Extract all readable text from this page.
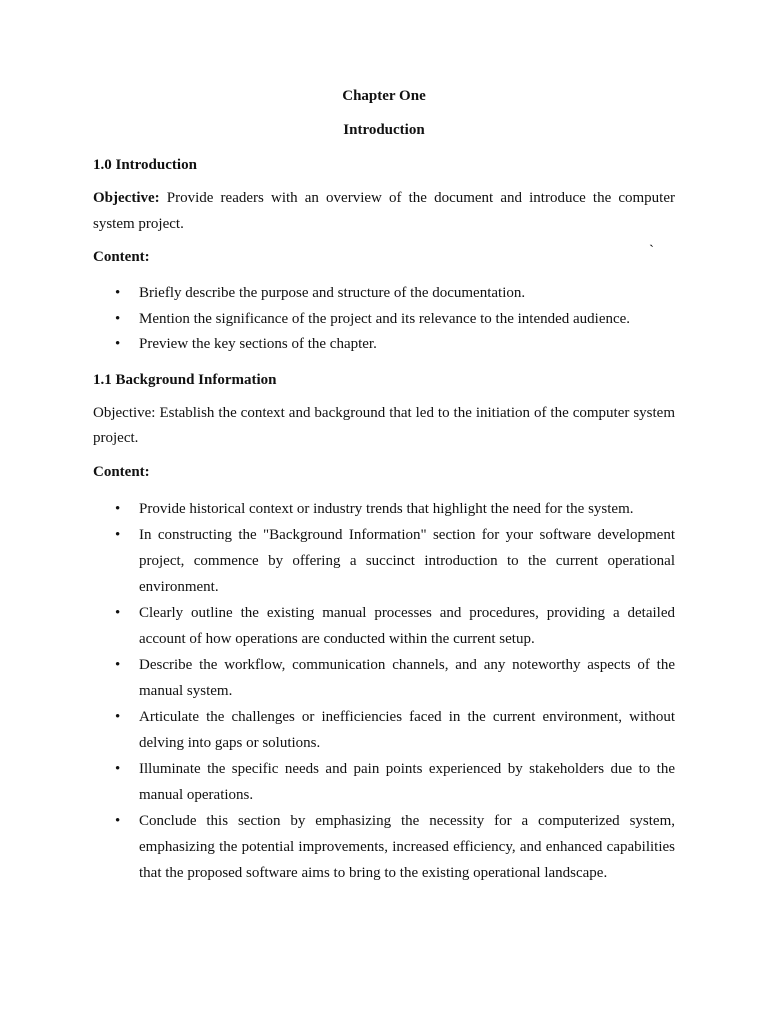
Chapter One

Introduction

1.0 Introduction

Objective: Provide readers with an overview of the document and introduce the computer system project.

Content:	`

• Briefly describe the purpose and structure of the documentation.
• Mention the significance of the project and its relevance to the intended audience.
• Preview the key sections of the chapter.

1.1 Background Information

Objective: Establish the context and background that led to the initiation of the computer system project.

Content:

• Provide historical context or industry trends that highlight the need for the system.
• In constructing the "Background Information" section for your software development project, commence by offering a succinct introduction to the current operational environment.
• Clearly outline the existing manual processes and procedures, providing a detailed account of how operations are conducted within the current setup.
• Describe the workflow, communication channels, and any noteworthy aspects of the manual system.
• Articulate the challenges or inefficiencies faced in the current environment, without delving into gaps or solutions.
• Illuminate the specific needs and pain points experienced by stakeholders due to the manual operations.
• Conclude this section by emphasizing the necessity for a computerized system, emphasizing the potential improvements, increased efficiency, and enhanced capabilities that the proposed software aims to bring to the existing operational landscape.
